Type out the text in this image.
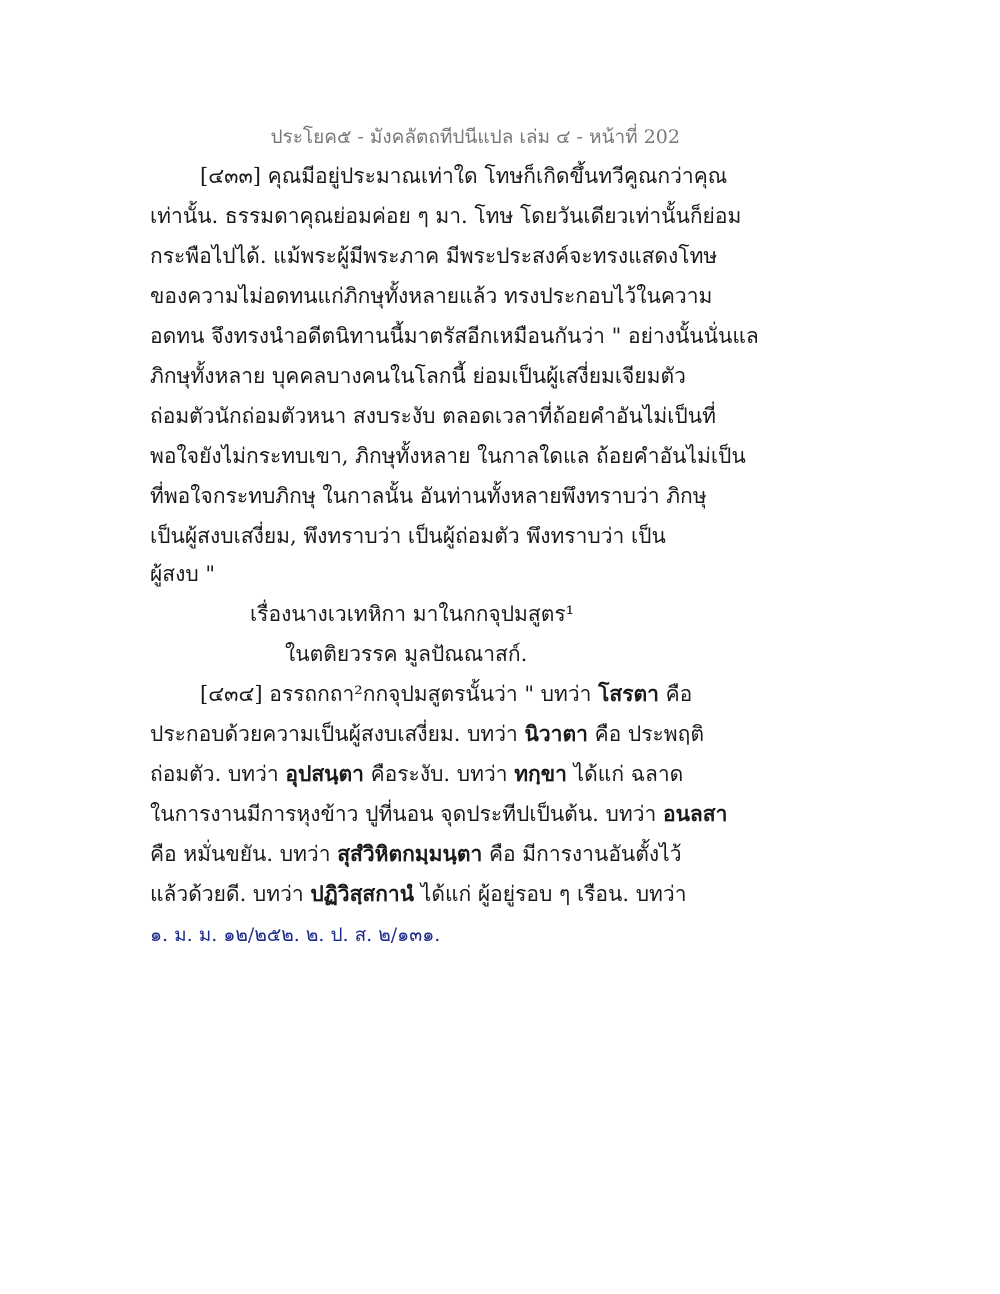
ประโยค๕ - มังคลัตถทีปนีแปล เล่ม ๔ - หน้าที่ 202
[๔๓๓] คุณมีอยู่ประมาณเท่าใด โทษก็เกิดขึ้นทวีคูณกว่าคุณ
เท่านั้น. ธรรมดาคุณย่อมค่อย ๆ มา. โทษ โดยวันเดียวเท่านั้นก็ย่อม
กระพือไปได้. แม้พระผู้มีพระภาค มีพระประสงค์จะทรงแสดงโทษ
ของความไม่อดทนแก่ภิกษุทั้งหลายแล้ว ทรงประกอบไว้ในความ
อดทน จึงทรงนำอดีตนิทานนี้มาตรัสอีกเหมือนกันว่า " อย่างนั้นนั่นแล
ภิกษุทั้งหลาย บุคคลบางคนในโลกนี้ ย่อมเป็นผู้เสงี่ยมเจียมตัว
ถ่อมตัวนักถ่อมตัวหนา สงบระงับ ตลอดเวลาที่ถ้อยคำอันไม่เป็นที่
พอใจยังไม่กระทบเขา, ภิกษุทั้งหลาย ในกาลใดแล ถ้อยคำอันไม่เป็น
ที่พอใจกระทบภิกษุ ในกาลนั้น อันท่านทั้งหลายพึงทราบว่า ภิกษุ
เป็นผู้สงบเสงี่ยม, พึงทราบว่า เป็นผู้ถ่อมตัว พึงทราบว่า เป็น
ผู้สงบ "
เรื่องนางเวเทหิกา มาในกกจุปมสูตร¹
ในตติยวรรค มูลปัณณาสก์.
[๔๓๔] อรรถกถา²กกจุปมสูตรนั้นว่า " บทว่า โสรตา คือ
ประกอบด้วยความเป็นผู้สงบเสงี่ยม. บทว่า นิวาตา คือ ประพฤติ
ถ่อมตัว. บทว่า อุปสนฺตา คือระงับ. บทว่า ทกฺขา ได้แก่ ฉลาด
ในการงานมีการหุงข้าว ปูที่นอน จุดประทีปเป็นต้น. บทว่า อนลสา
คือ หมั่นขยัน. บทว่า สุสํวิหิตกมฺมนฺตา คือ มีการงานอันตั้งไว้
แล้วด้วยดี. บทว่า ปฏิวิสฺสกานํ ได้แก่ ผู้อยู่รอบ ๆ เรือน. บทว่า
๑. ม. ม. ๑๒/๒๕๒. ๒. ป. ส. ๒/๑๓๑.
